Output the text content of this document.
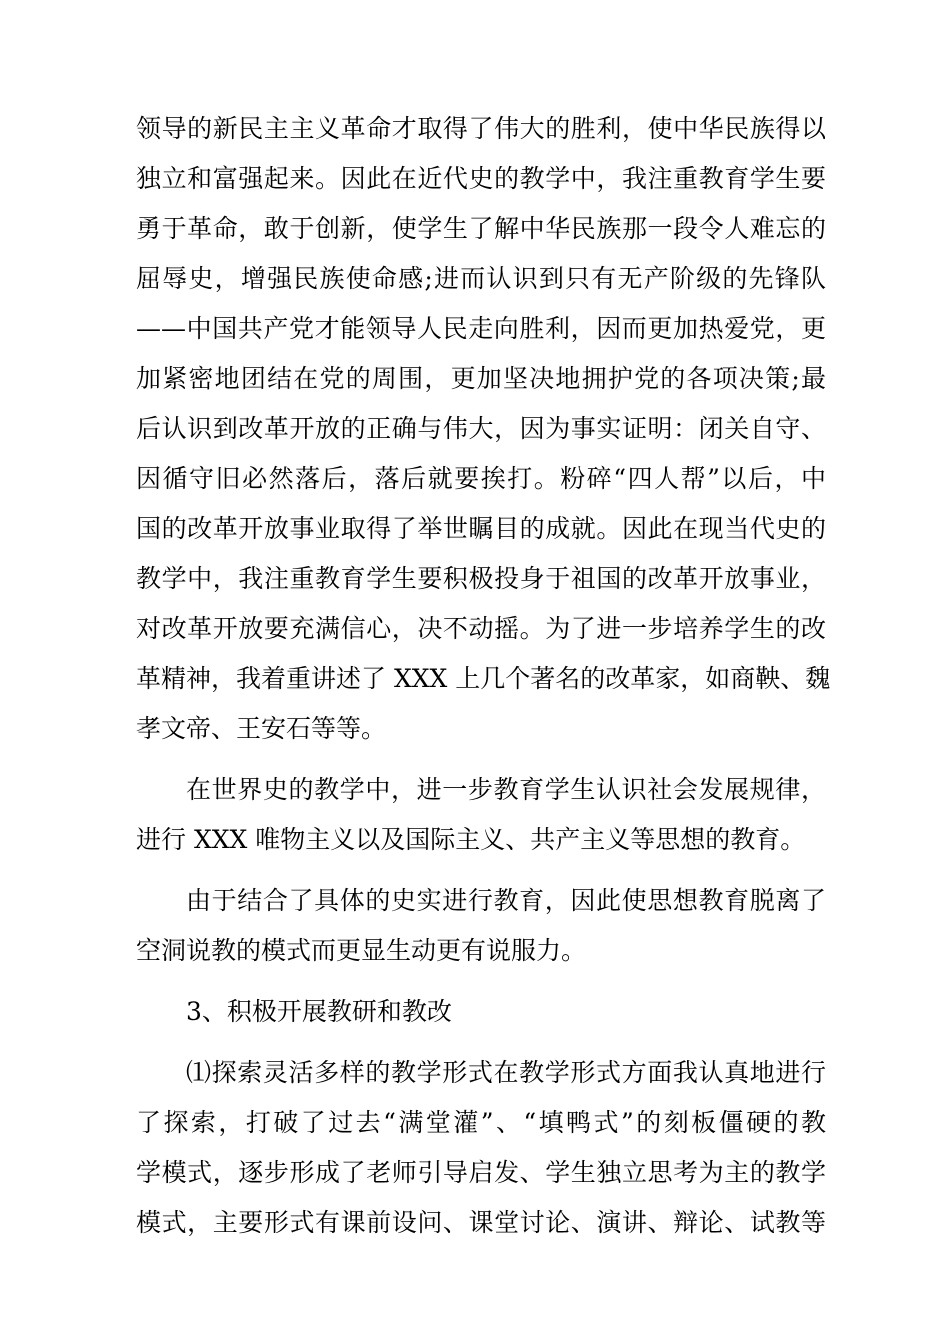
领导的新民主主义革命才取得了伟大的胜利，使中华民族得以
独立和富强起来。因此在近代史的教学中，我注重教育学生要
勇于革命，敢于创新，使学生了解中华民族那一段令人难忘的
屈辱史，增强民族使命感;进而认识到只有无产阶级的先锋队
——中国共产党才能领导人民走向胜利，因而更加热爱党，更
加紧密地团结在党的周围，更加坚决地拥护党的各项决策;最
后认识到改革开放的正确与伟大，因为事实证明：闭关自守、
因循守旧必然落后，落后就要挨打。粉碎“四人帮”以后，中
国的改革开放事业取得了举世瞩目的成就。因此在现当代史的
教学中，我注重教育学生要积极投身于祖国的改革开放事业，
对改革开放要充满信心，决不动摇。为了进一步培养学生的改
革精神，我着重讲述了 XXX 上几个著名的改革家，如商鞅、魏
孝文帝、王安石等等。
在世界史的教学中，进一步教育学生认识社会发展规律，
进行 XXX 唯物主义以及国际主义、共产主义等思想的教育。
由于结合了具体的史实进行教育，因此使思想教育脱离了
空洞说教的模式而更显生动更有说服力。
3、积极开展教研和教改
⑴探索灵活多样的教学形式在教学形式方面我认真地进行
了探索，打破了过去“满堂灌”、“填鸭式”的刻板僵硬的教
学模式，逐步形成了老师引导启发、学生独立思考为主的教学
模式，主要形式有课前设问、课堂讨论、演讲、辩论、试教等
